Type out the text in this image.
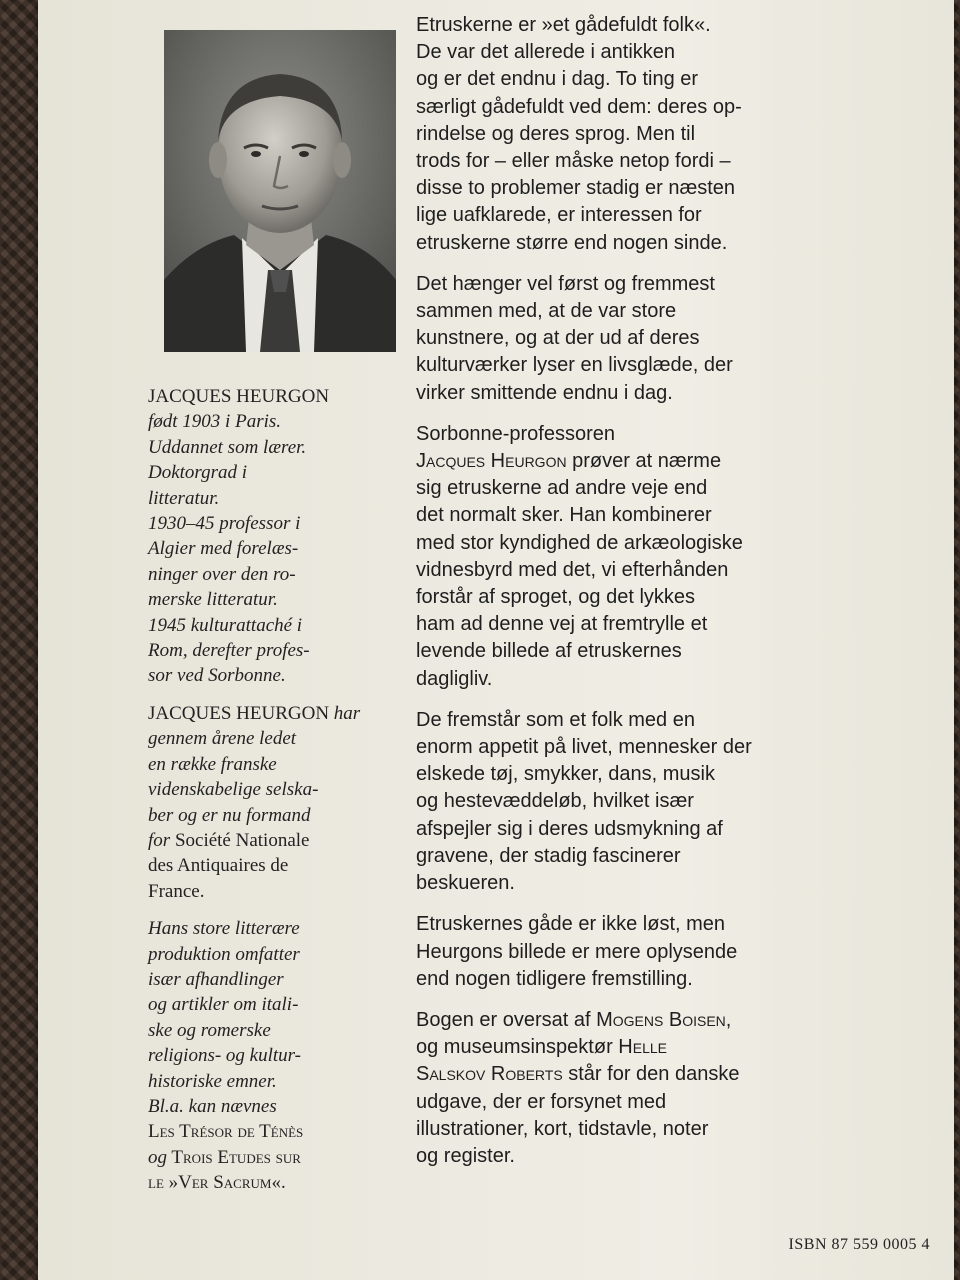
JACQUES HEURGON
født 1903 i Paris.
Uddannet som lærer.
Doktorgrad i
litteratur.
1930–45 professor i
Algier med forelæs-
ninger over den ro-
merske litteratur.
1945 kulturattaché i
Rom, derefter profes-
sor ved Sorbonne.

JACQUES HEURGON har
gennem årene ledet
en række franske
videnskabelige selska-
ber og er nu formand
for Société Nationale
des Antiquaires de
France.

Hans store litterære
produktion omfatter
især afhandlinger
og artikler om itali-
ske og romerske
religions- og kultur-
historiske emner.
Bl.a. kan nævnes
Les Trésor de Ténès
og Trois Etudes sur
le »Ver Sacrum«.

Etruskerne er »et gådefuldt folk«.
De var det allerede i antikken
og er det endnu i dag. To ting er
særligt gådefuldt ved dem: deres op-
rindelse og deres sprog. Men til
trods for – eller måske netop fordi –
disse to problemer stadig er næsten
lige uafklarede, er interessen for
etruskerne større end nogen sinde.

Det hænger vel først og fremmest
sammen med, at de var store
kunstnere, og at der ud af deres
kulturværker lyser en livsglæde, der
virker smittende endnu i dag.

Sorbonne-professoren
Jacques Heurgon prøver at nærme
sig etruskerne ad andre veje end
det normalt sker. Han kombinerer
med stor kyndighed de arkæologiske
vidnesbyrd med det, vi efterhånden
forstår af sproget, og det lykkes
ham ad denne vej at fremtrylle et
levende billede af etruskernes
dagligliv.

De fremstår som et folk med en
enorm appetit på livet, mennesker der
elskede tøj, smykker, dans, musik
og hestevæddeløb, hvilket især
afspejler sig i deres udsmykning af
gravene, der stadig fascinerer
beskueren.

Etruskernes gåde er ikke løst, men
Heurgons billede er mere oplysende
end nogen tidligere fremstilling.

Bogen er oversat af Mogens Boisen,
og museumsinspektør Helle
Salskov Roberts står for den danske
udgave, der er forsynet med
illustrationer, kort, tidstavle, noter
og register.

ISBN 87 559 0005 4
